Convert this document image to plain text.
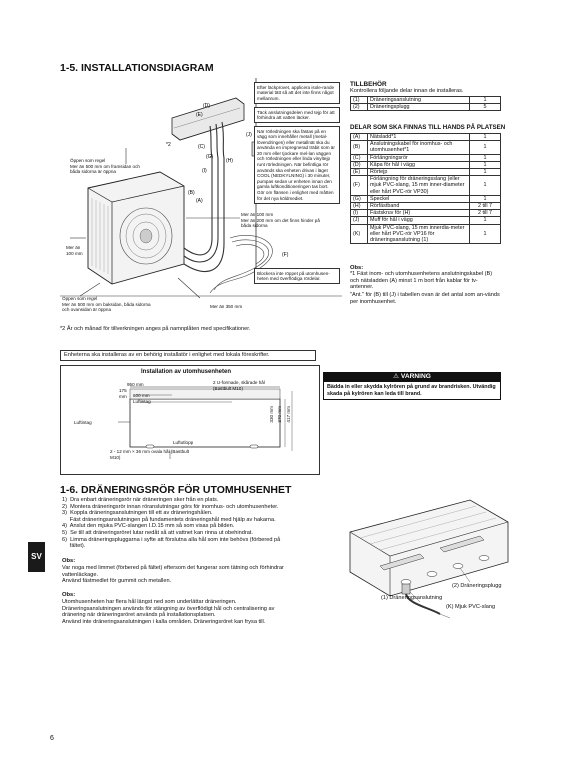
1-5. INSTALLATIONSDIAGRAM
(D)
(E)
(C)
(G)
(H)
(I)
(J)
(F)
(B)
(A)
*2
Efter läckprovet, applicera isole-rande material tätt så att det inte finns något mellanrum.
Täck anslutningsdelen med tejp för att förhindra att vatten läcker.
När rörledningen ska fästas på en vägg som innehåller metall (metal-lövendringen) eller metallnät ska du använda en impregnerad träbit som är 20 mm eller tjockare mel-lan väggen och rörledningen eller linda vinyltejp runt rörledningen. När befintliga rör används ska enheten drivas i läget COOL (NEDKYLNING) i 30 minuter, pumpas sedan ur enheten innan den gamla luftkonditioneringen tas bort. Gör om flänsen i enlighet med måtten för det nya köldmediet.
Öppen som regel
Mer än 500 mm om framsidan och båda sidorna är öppna
Mer än
100 mm
Mer än 100 mm
Mer än 200 mm om det finns hinder på båda sidorna
Blockera inte röppet på utomhusen-heten med överflödiga rördelar.
Öppen som regel
Mer än 500 mm om baksidan, båda sidorna och ovansidan är öppna
Mer än 350 mm
*2 År och månad för tillverkningen anges på namnplåten med specifikationer.
TILLBEHÖR
Kontrollera följande delar innan de installeras.
(1)	Dräneringsanslutning	1
(2)	Dräneringsplugg	5
DELAR SOM SKA FINNAS TILL HANDS PÅ PLATSEN
(A)	Nätsladd*1	1
(B)	Anslutningskabel för inomhus- och utomhusenhet*1	1
(C)	Förlängningsrör	1
(D)	Kåpa för hål i vägg	1
(E)	Rörtejp	1
(F)	Förlängning för dräneringsslang (eller mjuk PVC-slang, 15 mm inner-diameter eller hårt PVC-rör VP30)	1
(G)	Speckel	1
(H)	Rörfästband	2 till 7
(I)	Fästskruv för (H)	2 till 7
(J)	Muff för hål i vägg	1
(K)	Mjuk PVC-slang, 15 mm innerdia-meter eller hårt PVC-rör VP16 för dräneringsanslutning (1)	1
Obs:
*1 Fäst inom- och utomhusenhetens anslutningskabel (B) och nätsladden (A) minst 1 m bort från kablar för tv-antenner.
"Ant." för (B) till (J) i tabellen ovan är det antal som an-vänds per inomhusenhet.
Enheterna ska installeras av en behörig installatör i enlighet med lokala föreskrifter.
Installation av utomhusenheten
950 mm
175 mm	600 mm
Luftintag
Luftintag
Luftutlopp
2 U-formade, skårade hål (Bastbult M10)
2 - 12 mm × 36 mm ovala hål (Bastbult M10)
330 mm 370 mm 417 mm
⚠ VARNING
Bädda in eller skydda kylrören på grund av brandrisken. Utvändig skada på kylrören kan leda till brand.
1-6. DRÄNERINGSRÖR FÖR UTOMHUSENHET
1)  Dra enbart dräneringsrör när dräneringen sker från en plats.
2)  Montera dräneringsrör innan röranslutningar görs för inomhus- och utomhusenheter.
3)  Koppla dräneringsanslutningen till ett av dräneringshålen.
Fäst dräneringsanslutningen på fundamentets dräneringshål med hjälp av hakarna.
4)  Anslut den mjuka PVC-slangen I.D.15 mm så som visas på bilden.
5)  Se till att dräneringsröret lutar nedåt så att vattnet kan rinna ut obehindrat.
6)  Limma dräneringspluggarna i syfte att förslutna alla hål som inte behövs (förbered på
fältet).
Obs:
Var noga med limmet (förbered på fältet) eftersom det fungerar som tätning och förhindrar
vattenläckage.
Använd fästmedlet för gummit och metallen.
Obs:
Utomhusenheten har flera hål längst ned som underlättar dräneringen.
Dräneringsanslutningen används för stängning av överflödigt hål och centralisering av
dränering när dräneringsröret används på installationsplatsen.
Använd inte dräneringsanslutningen i kalla områden. Dräneringsröret kan frysa till.
(2) Dräneringsplugg
(1) Dräneringsanslutning
(K) Mjuk PVC-slang
SV
6
